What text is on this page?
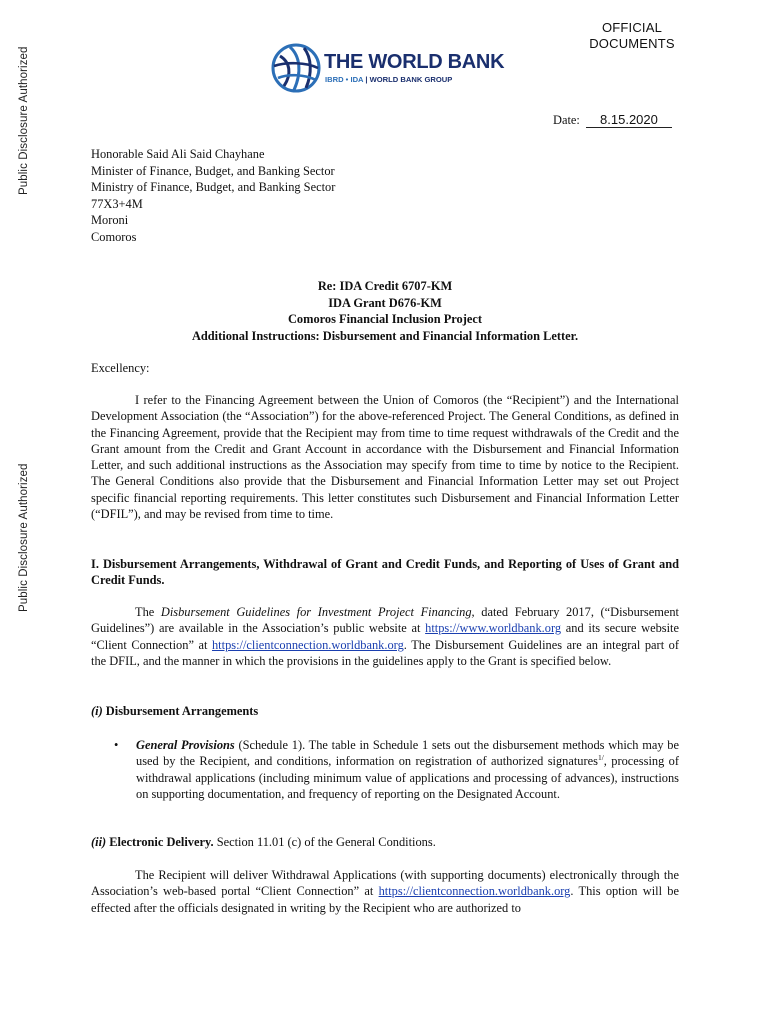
Public Disclosure Authorized
Public Disclosure Authorized
OFFICIAL
DOCUMENTS
THE WORLD BANK
IBRD • IDA | WORLD BANK GROUP
Date: 8.15.2020
Honorable Said Ali Said Chayhane
Minister of Finance, Budget, and Banking Sector
Ministry of Finance, Budget, and Banking Sector
77X3+4M
Moroni
Comoros
Re: IDA Credit 6707-KM
IDA Grant D676-KM
Comoros Financial Inclusion Project
Additional Instructions: Disbursement and Financial Information Letter.
Excellency:

I refer to the Financing Agreement between the Union of Comoros (the “Recipient”) and the International Development Association (the “Association”) for the above-referenced Project. The General Conditions, as defined in the Financing Agreement, provide that the Recipient may from time to time request withdrawals of the Credit and the Grant amount from the Credit and Grant Account in accordance with the Disbursement and Financial Information Letter, and such additional instructions as the Association may specify from time to time by notice to the Recipient. The General Conditions also provide that the Disbursement and Financial Information Letter may set out Project specific financial reporting requirements. This letter constitutes such Disbursement and Financial Information Letter (“DFIL”), and may be revised from time to time.

I. Disbursement Arrangements, Withdrawal of Grant and Credit Funds, and Reporting of Uses of Grant and Credit Funds.

The Disbursement Guidelines for Investment Project Financing, dated February 2017, (“Disbursement Guidelines”) are available in the Association’s public website at https://www.worldbank.org and its secure website “Client Connection” at https://clientconnection.worldbank.org. The Disbursement Guidelines are an integral part of the DFIL, and the manner in which the provisions in the guidelines apply to the Grant is specified below.

(i) Disbursement Arrangements
• General Provisions (Schedule 1). The table in Schedule 1 sets out the disbursement methods which may be used by the Recipient, and conditions, information on registration of authorized signatures$^{1/}$, processing of withdrawal applications (including minimum value of applications and processing of advances), instructions on supporting documentation, and frequency of reporting on the Designated Account.

(ii) Electronic Delivery. Section 11.01 (c) of the General Conditions.

The Recipient will deliver Withdrawal Applications (with supporting documents) electronically through the Association’s web-based portal “Client Connection” at https://clientconnection.worldbank.org. This option will be effected after the officials designated in writing by the Recipient who are authorized to
